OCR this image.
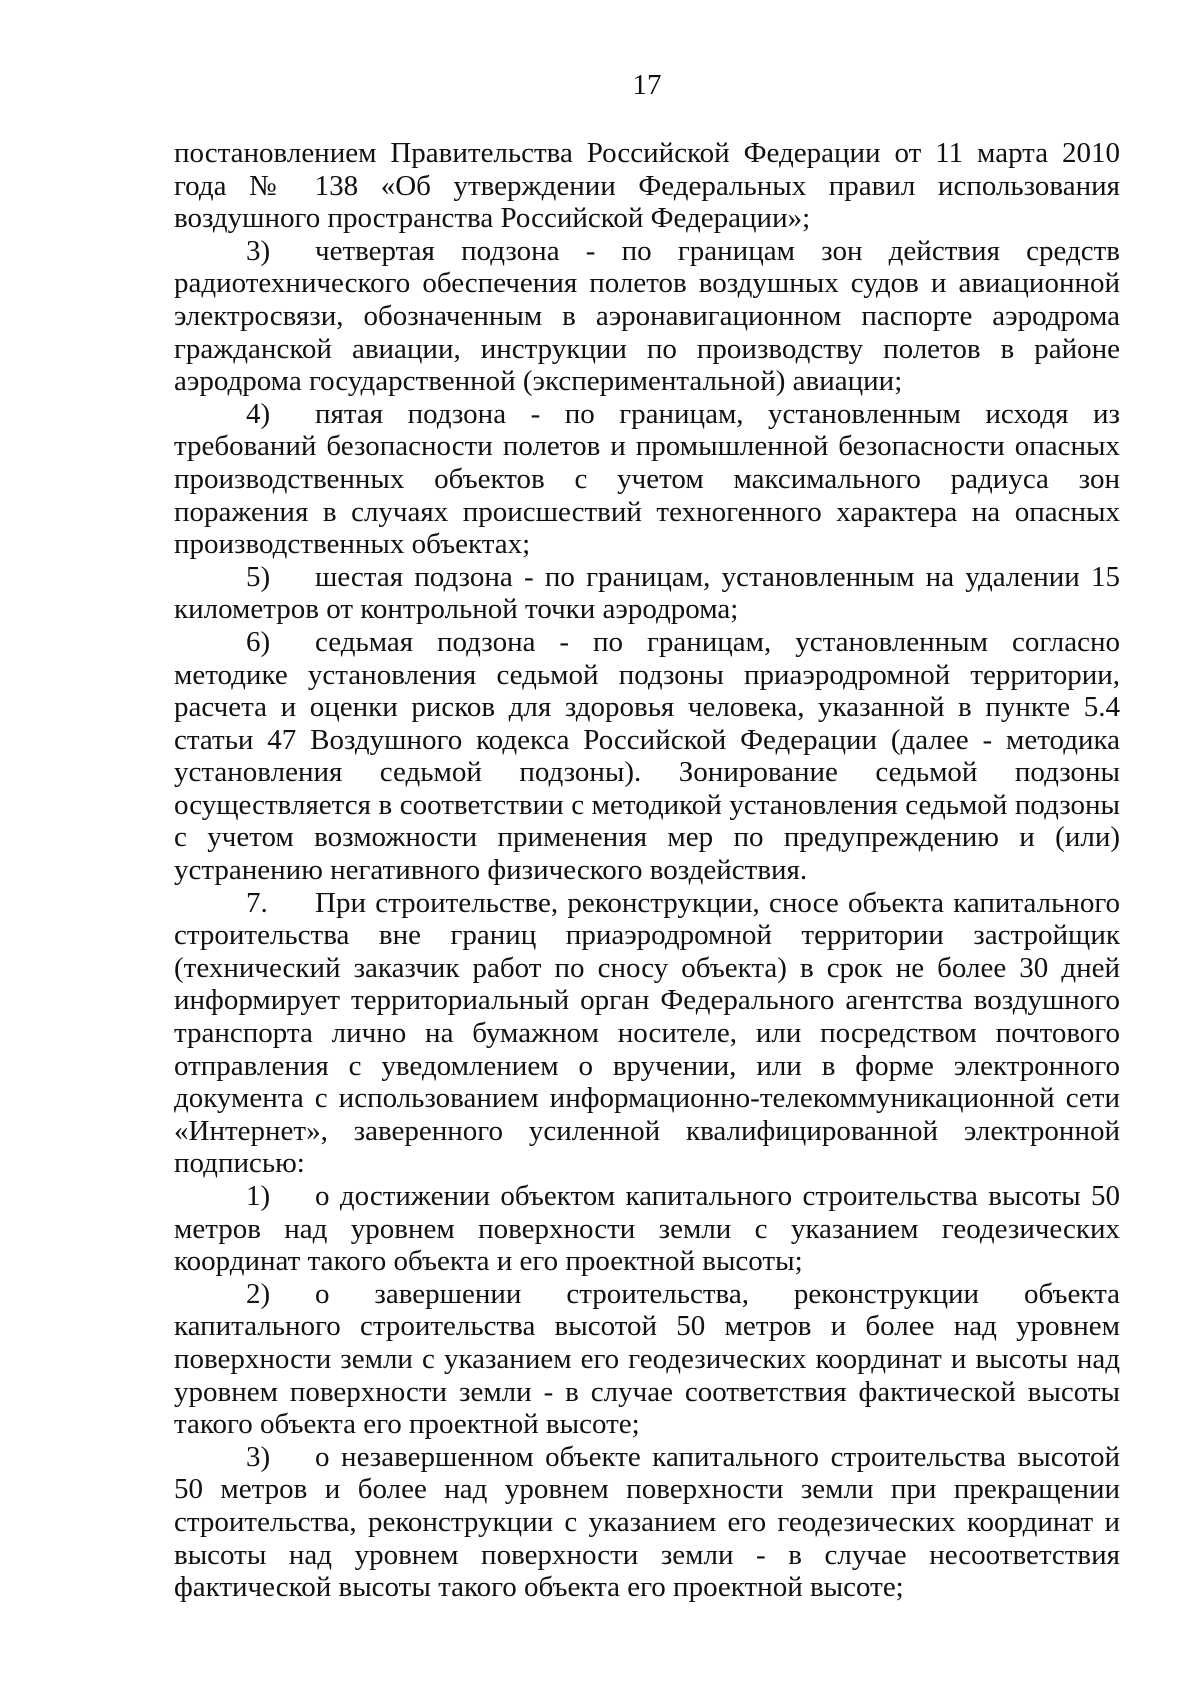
17

постановлением Правительства Российской Федерации от 11 марта 2010 года № 138 «Об утверждении Федеральных правил использования воздушного пространства Российской Федерации»;

3) четвертая подзона - по границам зон действия средств радиотехнического обеспечения полетов воздушных судов и авиационной электросвязи, обозначенным в аэронавигационном паспорте аэродрома гражданской авиации, инструкции по производству полетов в районе аэродрома государственной (экспериментальной) авиации;

4) пятая подзона - по границам, установленным исходя из требований безопасности полетов и промышленной безопасности опасных производственных объектов с учетом максимального радиуса зон поражения в случаях происшествий техногенного характера на опасных производственных объектах;

5) шестая подзона - по границам, установленным на удалении 15 километров от контрольной точки аэродрома;

6) седьмая подзона - по границам, установленным согласно методике установления седьмой подзоны приаэродромной территории, расчета и оценки рисков для здоровья человека, указанной в пункте 5.4 статьи 47 Воздушного кодекса Российской Федерации (далее - методика установления седьмой подзоны). Зонирование седьмой подзоны осуществляется в соответствии с методикой установления седьмой подзоны с учетом возможности применения мер по предупреждению и (или) устранению негативного физического воздействия.

7. При строительстве, реконструкции, сносе объекта капитального строительства вне границ приаэродромной территории застройщик (технический заказчик работ по сносу объекта) в срок не более 30 дней информирует территориальный орган Федерального агентства воздушного транспорта лично на бумажном носителе, или посредством почтового отправления с уведомлением о вручении, или в форме электронного документа с использованием информационно-телекоммуникационной сети «Интернет», заверенного усиленной квалифицированной электронной подписью:

1) о достижении объектом капитального строительства высоты 50 метров над уровнем поверхности земли с указанием геодезических координат такого объекта и его проектной высоты;

2) о завершении строительства, реконструкции объекта капитального строительства высотой 50 метров и более над уровнем поверхности земли с указанием его геодезических координат и высоты над уровнем поверхности земли - в случае соответствия фактической высоты такого объекта его проектной высоте;

3) о незавершенном объекте капитального строительства высотой 50 метров и более над уровнем поверхности земли при прекращении строительства, реконструкции с указанием его геодезических координат и высоты над уровнем поверхности земли - в случае несоответствия фактической высоты такого объекта его проектной высоте;
